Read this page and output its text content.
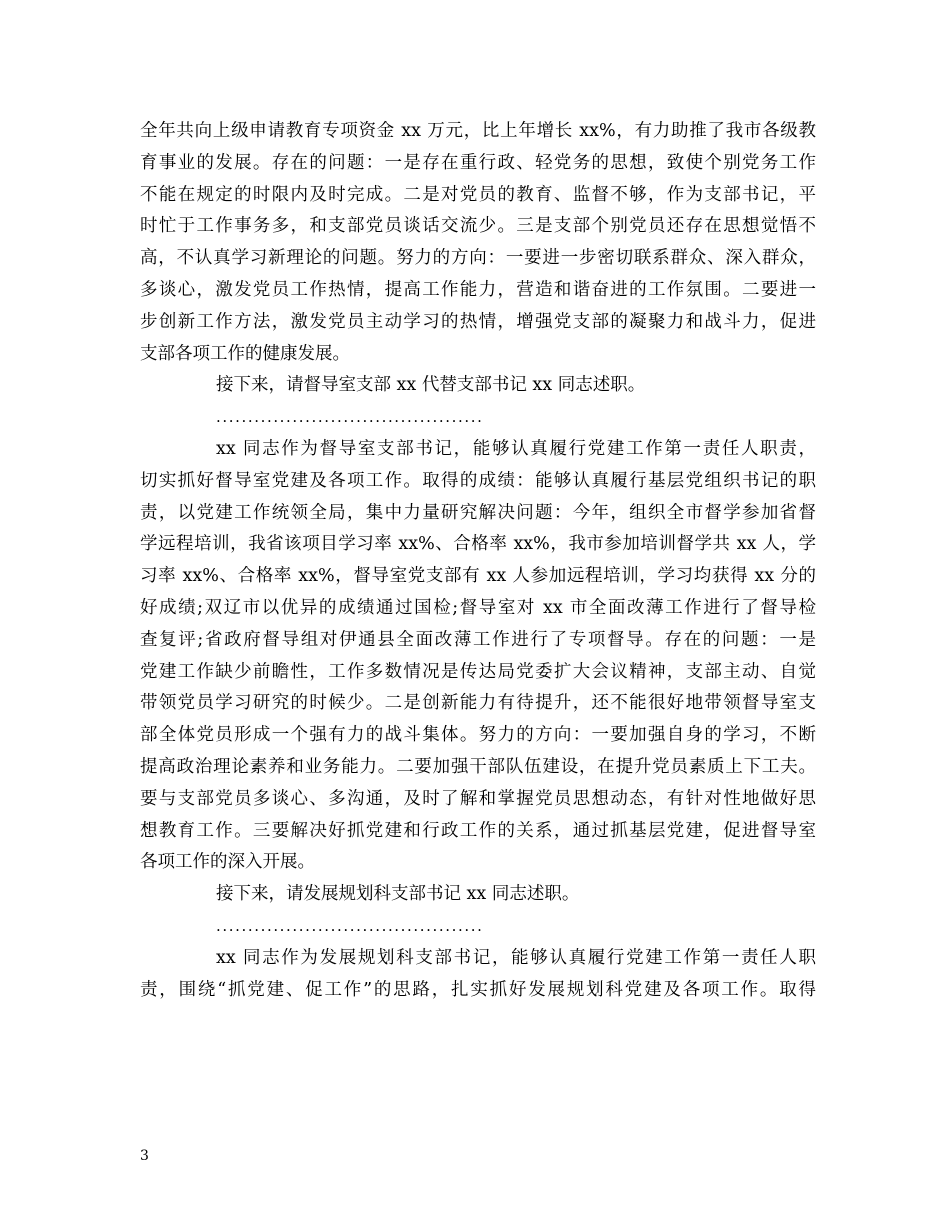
全年共向上级申请教育专项资金 xx 万元，比上年增长 xx%，有力助推了我市各级教
育事业的发展。存在的问题：一是存在重行政、轻党务的思想，致使个别党务工作
不能在规定的时限内及时完成。二是对党员的教育、监督不够，作为支部书记，平
时忙于工作事务多，和支部党员谈话交流少。三是支部个别党员还存在思想觉悟不
高，不认真学习新理论的问题。努力的方向：一要进一步密切联系群众、深入群众，
多谈心，激发党员工作热情，提高工作能力，营造和谐奋进的工作氛围。二要进一
步创新工作方法，激发党员主动学习的热情，增强党支部的凝聚力和战斗力，促进
支部各项工作的健康发展。
接下来，请督导室支部 xx 代替支部书记 xx 同志述职。
..........................................
xx 同志作为督导室支部书记，能够认真履行党建工作第一责任人职责，
切实抓好督导室党建及各项工作。取得的成绩：能够认真履行基层党组织书记的职
责，以党建工作统领全局，集中力量研究解决问题：今年，组织全市督学参加省督
学远程培训，我省该项目学习率 xx%、合格率 xx%，我市参加培训督学共 xx 人，学
习率 xx%、合格率 xx%，督导室党支部有 xx 人参加远程培训，学习均获得 xx 分的
好成绩;双辽市以优异的成绩通过国检;督导室对 xx 市全面改薄工作进行了督导检
查复评;省政府督导组对伊通县全面改薄工作进行了专项督导。存在的问题：一是
党建工作缺少前瞻性，工作多数情况是传达局党委扩大会议精神，支部主动、自觉
带领党员学习研究的时候少。二是创新能力有待提升，还不能很好地带领督导室支
部全体党员形成一个强有力的战斗集体。努力的方向：一要加强自身的学习，不断
提高政治理论素养和业务能力。二要加强干部队伍建设，在提升党员素质上下工夫。
要与支部党员多谈心、多沟通，及时了解和掌握党员思想动态，有针对性地做好思
想教育工作。三要解决好抓党建和行政工作的关系，通过抓基层党建，促进督导室
各项工作的深入开展。
接下来，请发展规划科支部书记 xx 同志述职。
..........................................
xx 同志作为发展规划科支部书记，能够认真履行党建工作第一责任人职
责，围绕“抓党建、促工作”的思路，扎实抓好发展规划科党建及各项工作。取得
3
